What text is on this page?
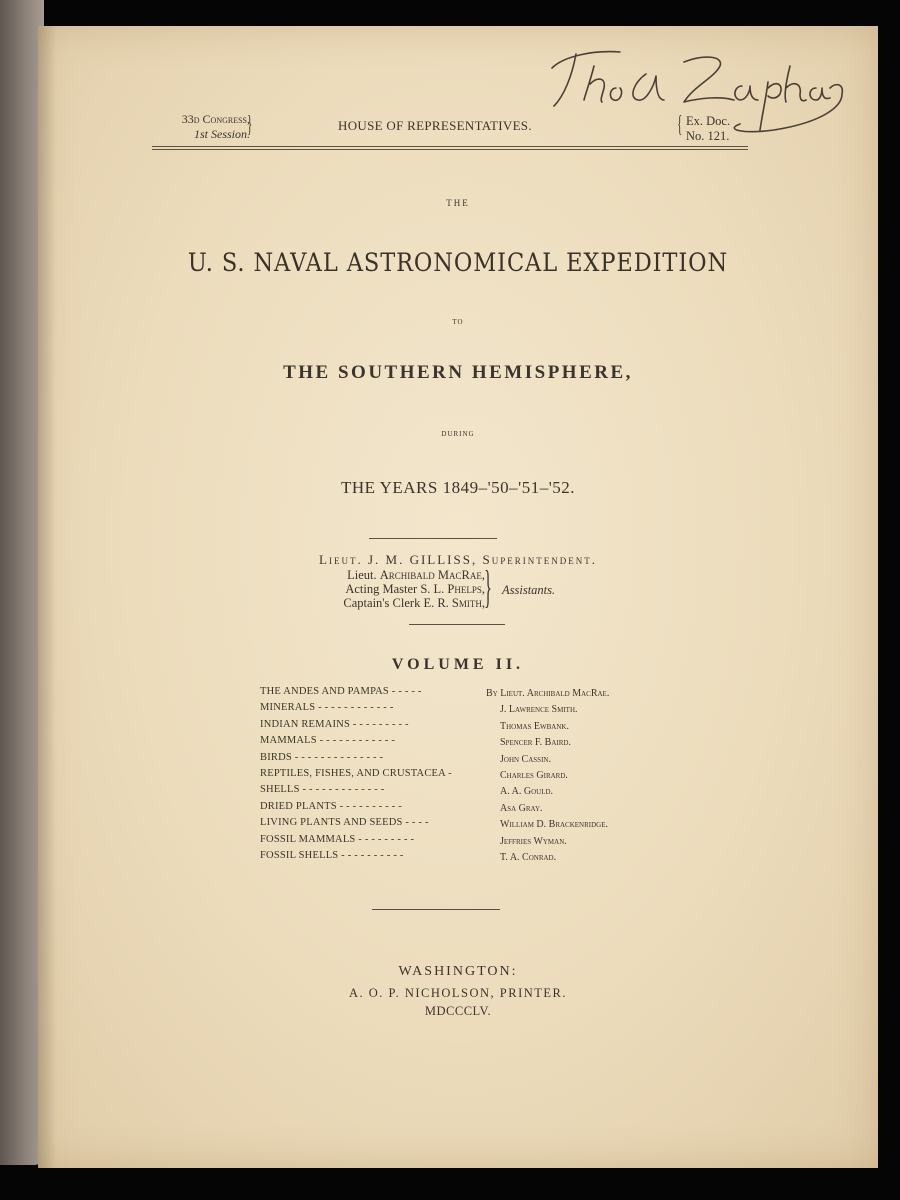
33d Congress,
1st Session.
}	HOUSE OF REPRESENTATIVES.	{ Ex. Doc.
No. 121.
THE
U. S. NAVAL ASTRONOMICAL EXPEDITION
TO
THE SOUTHERN HEMISPHERE,
DURING
THE YEARS 1849–'50–'51–'52.
Lieut. J. M. GILLISS, Superintendent.
Lieut. Archibald MacRae,
Acting Master S. L. Phelps,
Captain's Clerk E. R. Smith, } Assistants.
VOLUME II.
THE ANDES AND PAMPAS - - - - -	By Lieut. Archibald MacRae.
MINERALS - - - - - - - - - - - -	J. Lawrence Smith.
INDIAN REMAINS - - - - - - - - -	Thomas Ewbank.
MAMMALS - - - - - - - - - - - -	Spencer F. Baird.
BIRDS - - - - - - - - - - - - - -	John Cassin.
REPTILES, FISHES, AND CRUSTACEA -	Charles Girard.
SHELLS - - - - - - - - - - - - -	A. A. Gould.
DRIED PLANTS - - - - - - - - - -	Asa Gray.
LIVING PLANTS AND SEEDS - - - -	William D. Brackenridge.
FOSSIL MAMMALS - - - - - - - - -	Jeffries Wyman.
FOSSIL SHELLS - - - - - - - - - -	T. A. Conrad.
WASHINGTON:
A. O. P. NICHOLSON, PRINTER.
MDCCCLV.
